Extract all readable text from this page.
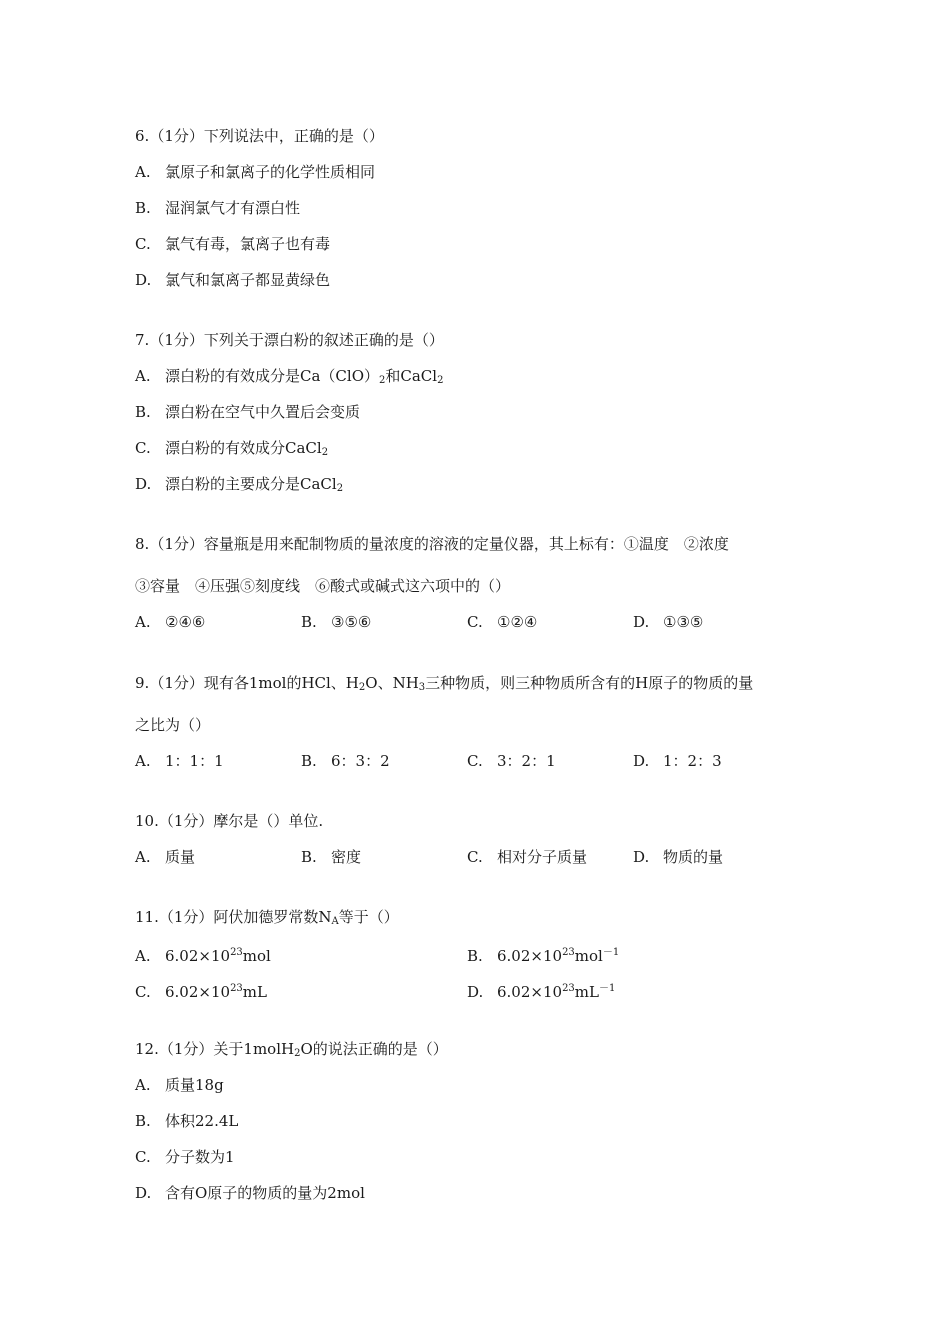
6.（1分）下列说法中，正确的是（）
A. 氯原子和氯离子的化学性质相同
B. 湿润氯气才有漂白性
C. 氯气有毒，氯离子也有毒
D. 氯气和氯离子都显黄绿色
7.（1分）下列关于漂白粉的叙述正确的是（）
A. 漂白粉的有效成分是$Ca(ClO)_2$和CaCl$_2$
B. 漂白粉在空气中久置后会变质
C. 漂白粉的有效成分CaCl$_2$
D. 漂白粉的主要成分是CaCl$_2$
8.（1分）容量瓶是用来配制物质的量浓度的溶液的定量仪器，其上标有：①温度　②浓度
③容量　④压强⑤刻度线　⑥酸式或碱式这六项中的（）
A. ②④⑥	B. ③⑤⑥	C. ①②④	D. ①③⑤
9.（1分）现有各1mol的HCl、$H_2O$、$NH_3$三种物质，则三种物质所含有的H原子的物质的量
之比为（）
A. 1：1：1	B. 6：3：2	C. 3：2：1	D. 1：2：3
10.（1分）摩尔是（）单位.
A. 质量	B. 密度	C. 相对分子质量	D. 物质的量
11.（1分）阿伏加德罗常数$N_A$等于（）
A. $6.02\times 10^{23}mol$	B. $6.02\times 10^{23}mol^{-1}$
C. $6.02\times 10^{23}mL$	D. $6.02\times 10^{23}mL^{-1}$
12.（1分）关于1molH$_2$O的说法正确的是（）
A. 质量18g
B. 体积22.4L
C. 分子数为1
D. 含有O原子的物质的量为2mol
